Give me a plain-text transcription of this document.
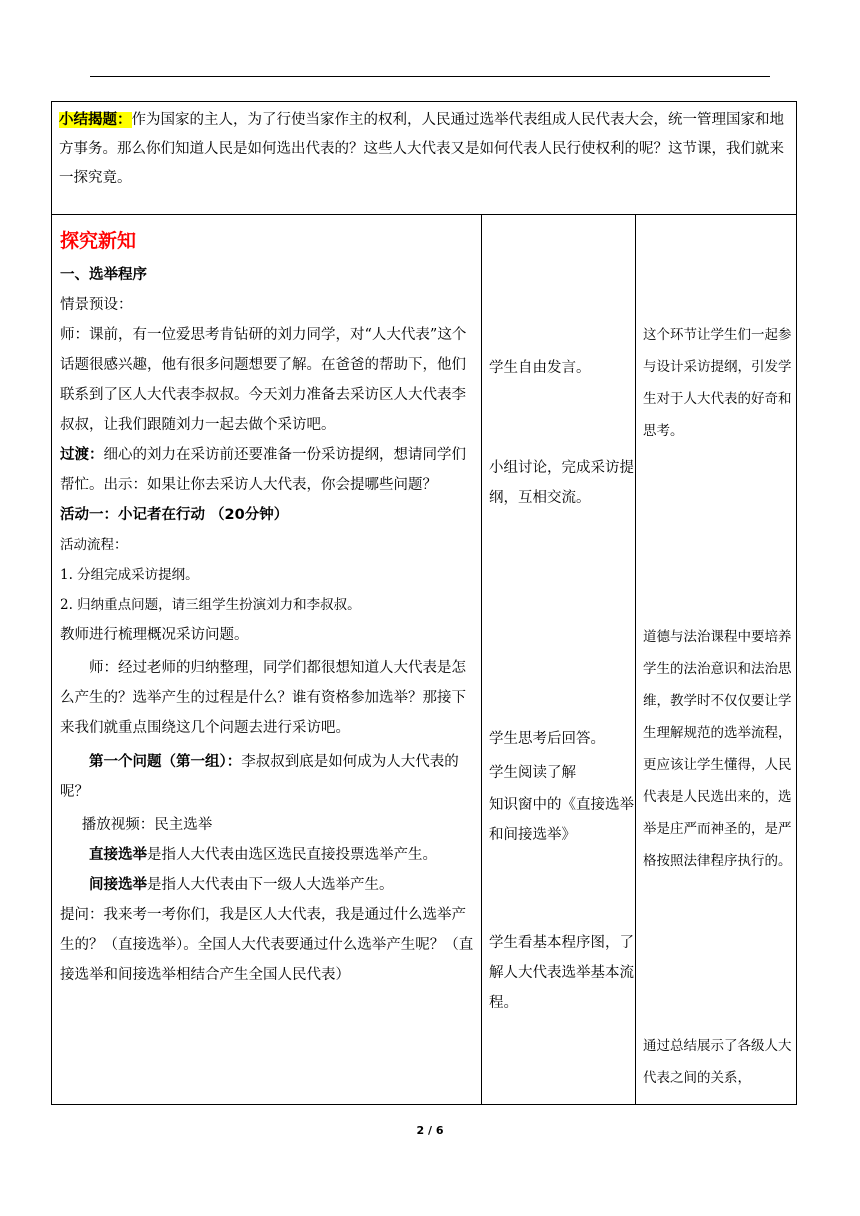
小结揭题：作为国家的主人，为了行使当家作主的权利，人民通过选举代表组成人民代表大会，统一管理国家和地方事务。那么你们知道人民是如何选出代表的？这些人大代表又是如何代表人民行使权利的呢？这节课，我们就来一探究竟。

探究新知

一、选举程序

情景预设：

师：课前，有一位爱思考肯钻研的刘力同学，对“人大代表”这个话题很感兴趣，他有很多问题想要了解。在爸爸的帮助下，他们联系到了区人大代表李叔叔。今天刘力准备去采访区人大代表李叔叔，让我们跟随刘力一起去做个采访吧。

过渡：细心的刘力在采访前还要准备一份采访提纲，想请同学们帮忙。出示：如果让你去采访人大代表，你会提哪些问题？

活动一：小记者在行动 （20分钟）

活动流程：

1. 分组完成采访提纲。

2. 归纳重点问题，请三组学生扮演刘力和李叔叔。

教师进行梳理概况采访问题。

师：经过老师的归纳整理，同学们都很想知道人大代表是怎么产生的？选举产生的过程是什么？谁有资格参加选举？那接下来我们就重点围绕这几个问题去进行采访吧。

第一个问题（第一组）：李叔叔到底是如何成为人大代表的呢？

播放视频：民主选举

直接选举是指人大代表由选区选民直接投票选举产生。

间接选举是指人大代表由下一级人大选举产生。

提问：我来考一考你们，我是区人大代表，我是通过什么选举产生的？（直接选举）。全国人大代表要通过什么选举产生呢？（直接选举和间接选举相结合产生全国人民代表）

学生自由发言。
小组讨论，完成采访提纲，互相交流。
学生思考后回答。
学生阅读了解
知识窗中的《直接选举和间接选举》
学生看基本程序图，了解人大代表选举基本流程。
这个环节让学生们一起参与设计采访提纲，引发学生对于人大代表的好奇和思考。
道德与法治课程中要培养学生的法治意识和法治思维，教学时不仅仅要让学生理解规范的选举流程，更应该让学生懂得，人民代表是人民选出来的，选举是庄严而神圣的，是严格按照法律程序执行的。
通过总结展示了各级人大代表之间的关系，
2 / 6
